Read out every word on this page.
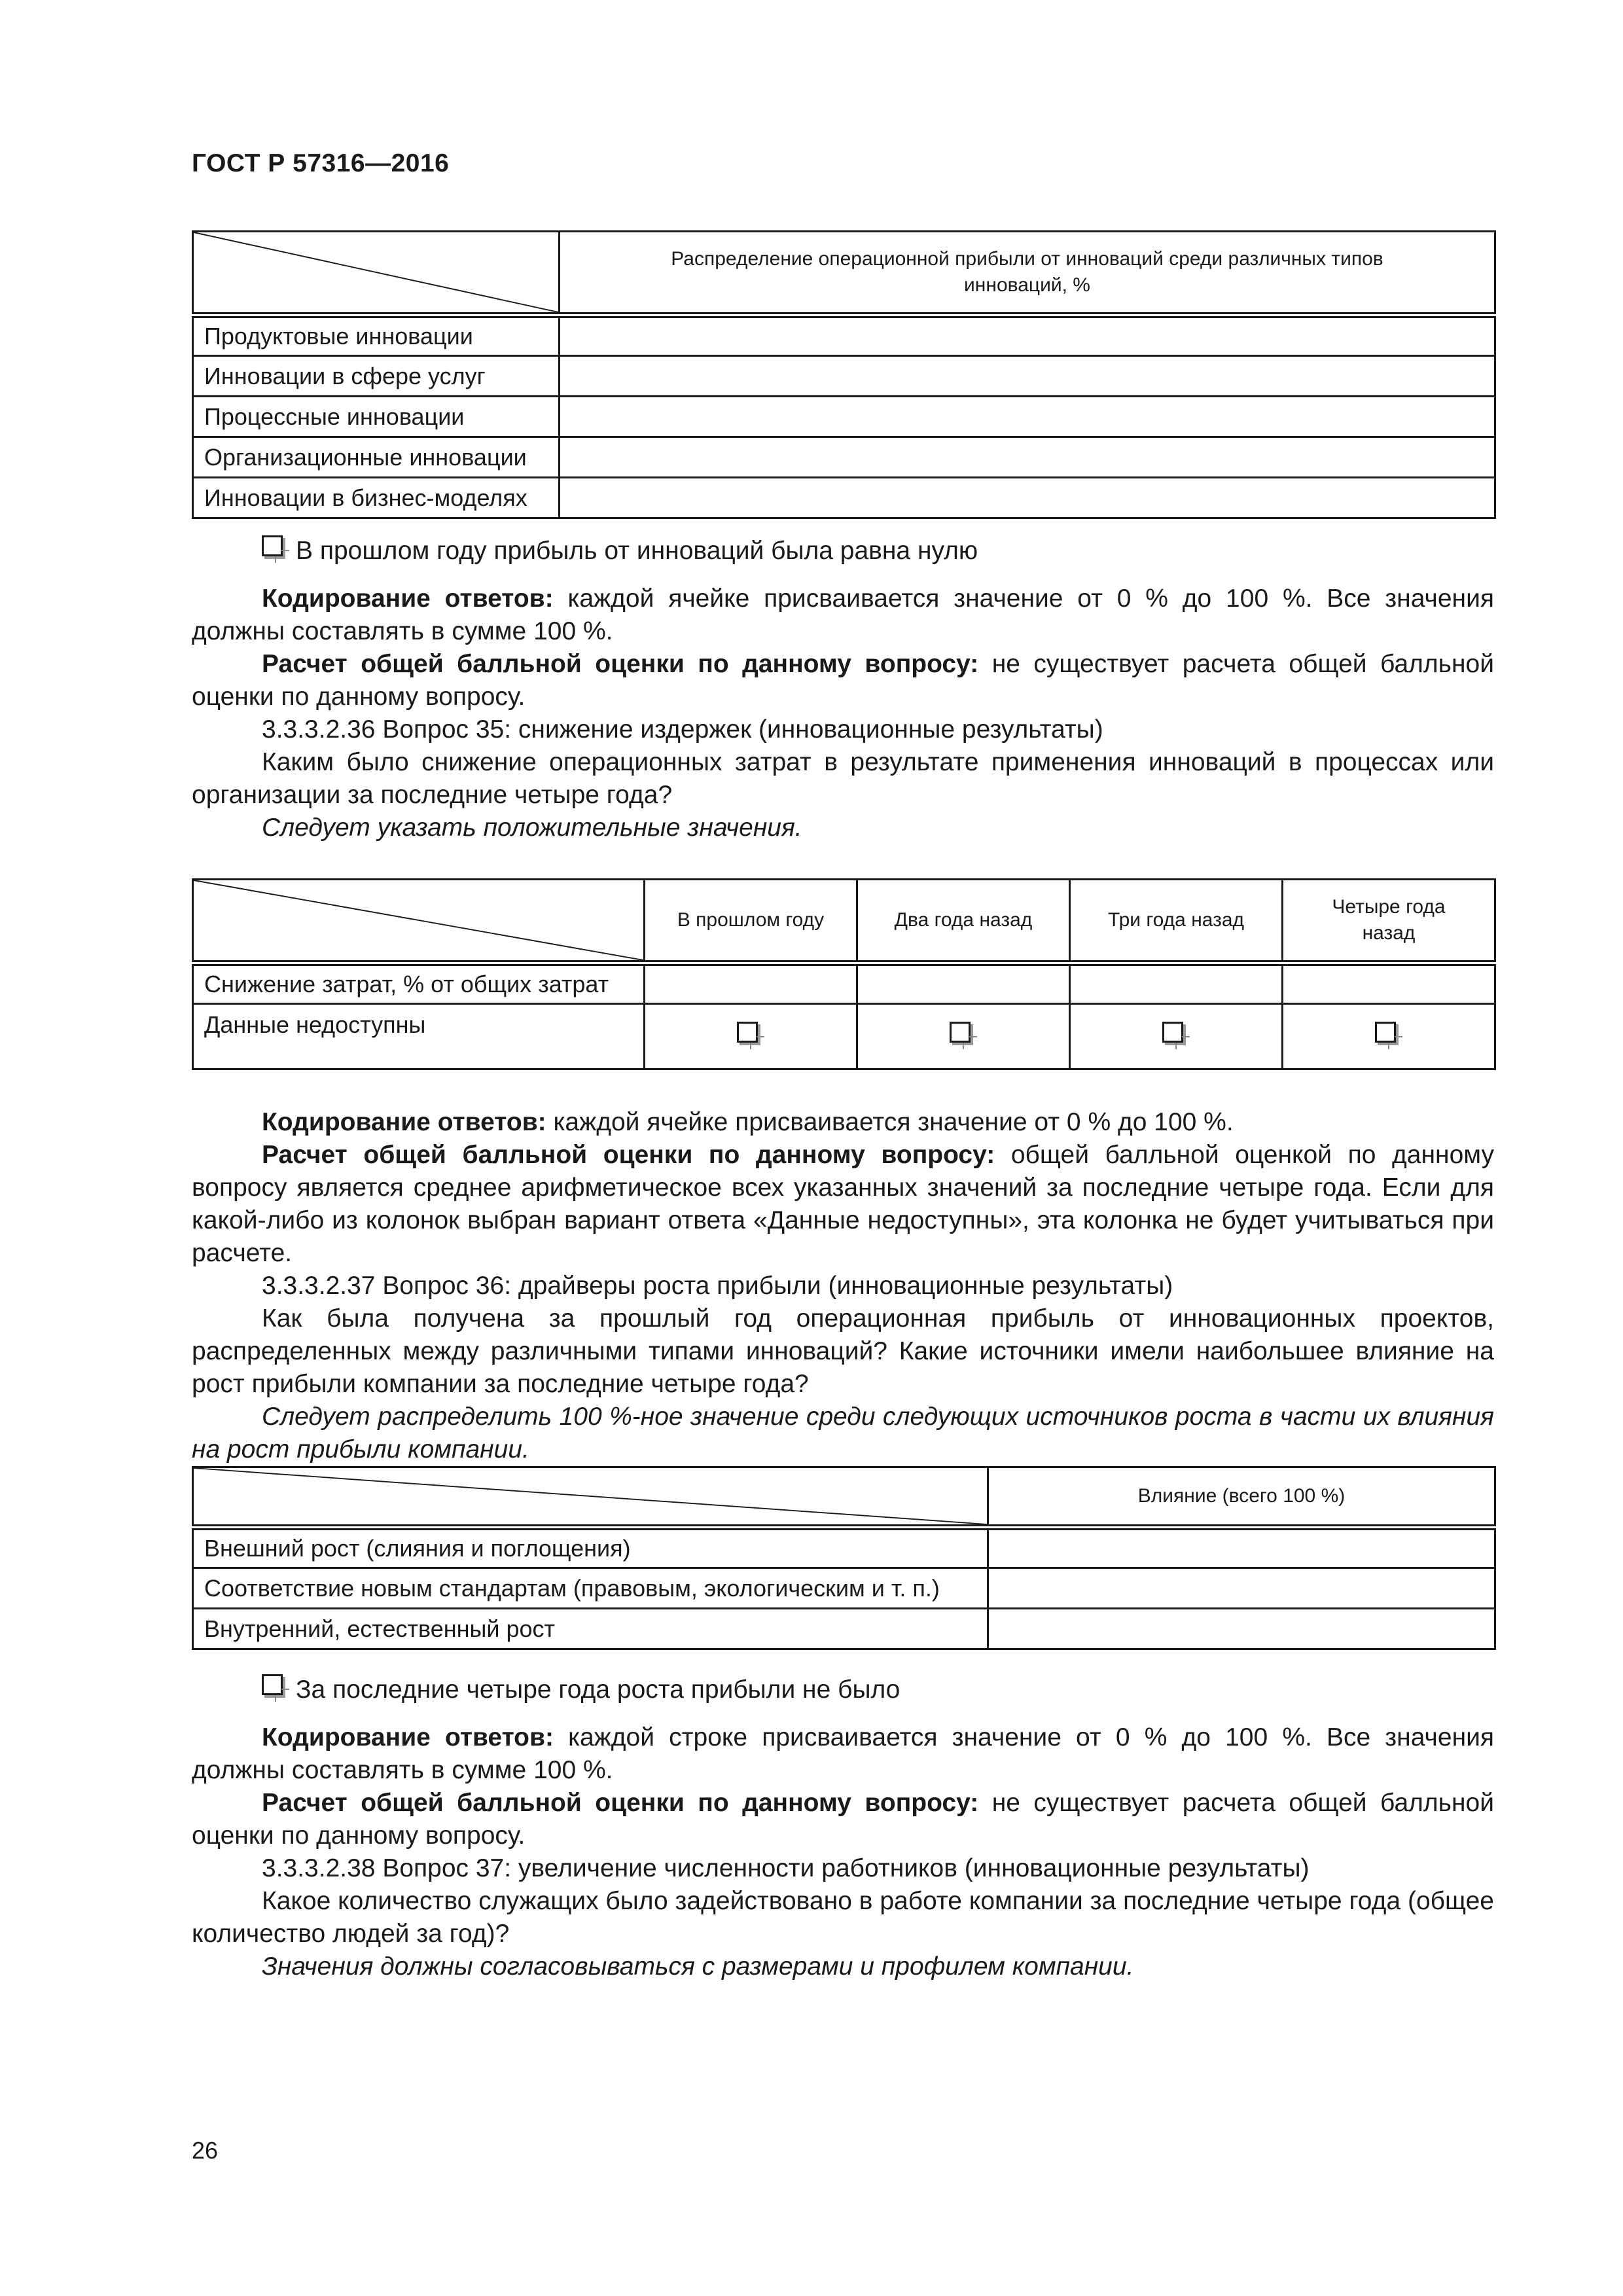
ГОСТ Р 57316—2016
	Распределение операционной прибыли от инноваций среди различных типов инноваций, %
Продуктовые инновации	
Инновации в сфере услуг	
Процессные инновации	
Организационные инновации	
Инновации в бизнес-моделях	
В прошлом году прибыль от инноваций была равна нулю

Кодирование ответов: каждой ячейке присваивается значение от 0 % до 100 %. Все значения должны составлять в сумме 100 %.

Расчет общей балльной оценки по данному вопросу: не существует расчета общей балльной оценки по данному вопросу.

3.3.3.2.36 Вопрос 35: снижение издержек (инновационные результаты)

Каким было снижение операционных затрат в результате применения инноваций в процессах или организации за последние четыре года?

Следует указать положительные значения.

	В прошлом году	Два года назад	Три года назад	Четыре года назад
Снижение затрат, % от общих затрат				
Данные недоступны	

Кодирование ответов: каждой ячейке присваивается значение от 0 % до 100 %.

Расчет общей балльной оценки по данному вопросу: общей балльной оценкой по данному вопросу является среднее арифметическое всех указанных значений за последние четыре года. Если для какой-либо из колонок выбран вариант ответа «Данные недоступны», эта колонка не будет учитываться при расчете.

3.3.3.2.37 Вопрос 36: драйверы роста прибыли (инновационные результаты)

Как была получена за прошлый год операционная прибыль от инновационных проектов, распределенных между различными типами инноваций? Какие источники имели наибольшее влияние на рост прибыли компании за последние четыре года?

Следует распределить 100 %-ное значение среди следующих источников роста в части их влияния на рост прибыли компании.

	Влияние (всего 100 %)
Внешний рост (слияния и поглощения)	
Соответствие новым стандартам (правовым, экологическим и т. п.)	
Внутренний, естественный рост	
За последние четыре года роста прибыли не было

Кодирование ответов: каждой строке присваивается значение от 0 % до 100 %. Все значения должны составлять в сумме 100 %.

Расчет общей балльной оценки по данному вопросу: не существует расчета общей балльной оценки по данному вопросу.

3.3.3.2.38 Вопрос 37: увеличение численности работников (инновационные результаты)

Какое количество служащих было задействовано в работе компании за последние четыре года (общее количество людей за год)?

Значения должны согласовываться с размерами и профилем компании.

26
